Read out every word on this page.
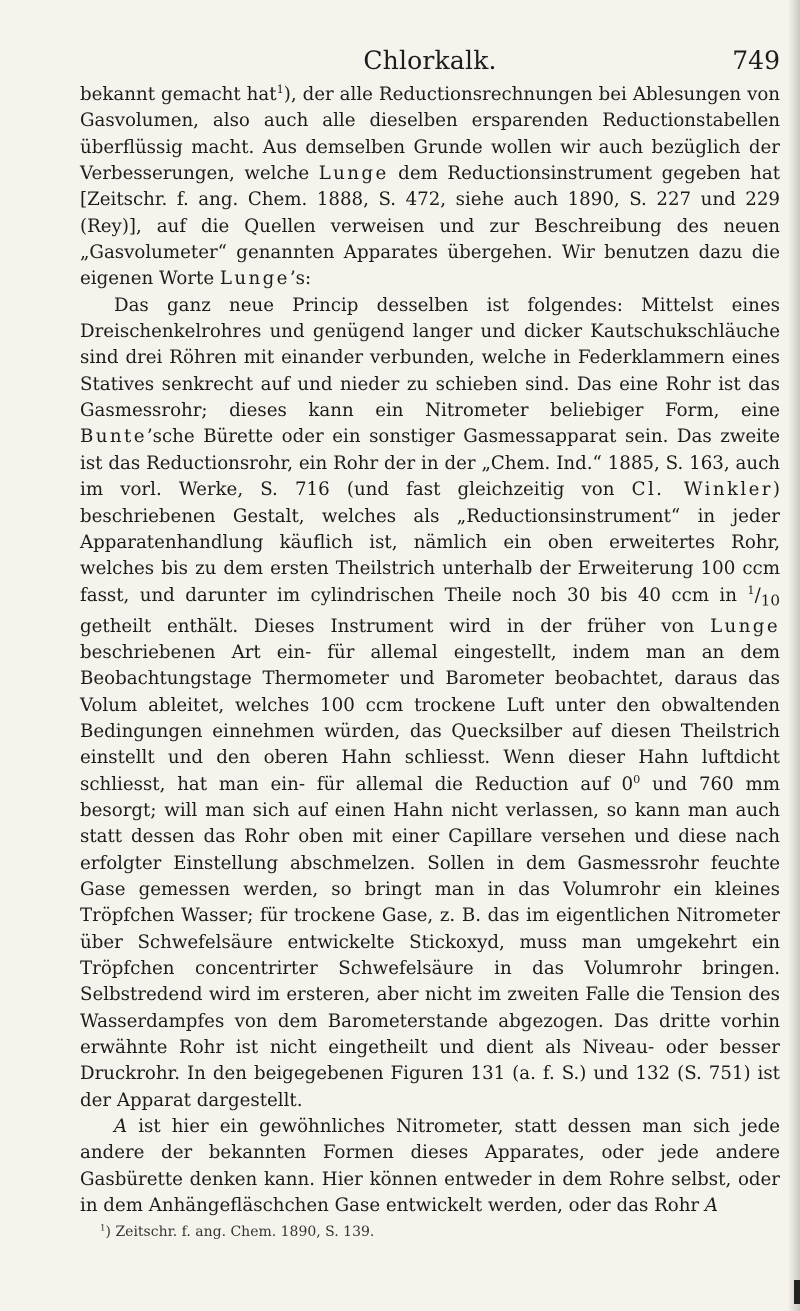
Chlorkalk.	749

bekannt gemacht hat$^1$), der alle Reductionsrechnungen bei Ablesungen von Gasvolumen, also auch alle dieselben ersparenden Reductionstabellen überflüssig macht. Aus demselben Grunde wollen wir auch bezüglich der Verbesserungen, welche Lunge dem Reductionsinstrument gegeben hat [Zeitschr. f. ang. Chem. 1888, S. 472, siehe auch 1890, S. 227 und 229 (Rey)], auf die Quellen verweisen und zur Beschreibung des neuen „Gasvolumeter“ genannten Apparates übergehen. Wir benutzen dazu die eigenen Worte Lunge’s:

Das ganz neue Princip desselben ist folgendes: Mittelst eines Dreischenkelrohres und genügend langer und dicker Kautschukschläuche sind drei Röhren mit einander verbunden, welche in Federklammern eines Statives senkrecht auf und nieder zu schieben sind. Das eine Rohr ist das Gasmessrohr; dieses kann ein Nitrometer beliebiger Form, eine Bunte’sche Bürette oder ein sonstiger Gasmessapparat sein. Das zweite ist das Reductionsrohr, ein Rohr der in der „Chem. Ind.“ 1885, S. 163, auch im vorl. Werke, S. 716 (und fast gleichzeitig von Cl. Winkler) beschriebenen Gestalt, welches als „Reductionsinstrument“ in jeder Apparatenhandlung käuflich ist, nämlich ein oben erweitertes Rohr, welches bis zu dem ersten Theilstrich unterhalb der Erweiterung 100 ccm fasst, und darunter im cylindrischen Theile noch 30 bis 40 ccm in $^1/_{10}$ getheilt enthält. Dieses Instrument wird in der früher von Lunge beschriebenen Art ein- für allemal eingestellt, indem man an dem Beobachtungstage Thermometer und Barometer beobachtet, daraus das Volum ableitet, welches 100 ccm trockene Luft unter den obwaltenden Bedingungen einnehmen würden, das Quecksilber auf diesen Theilstrich einstellt und den oberen Hahn schliesst. Wenn dieser Hahn luftdicht schliesst, hat man ein- für allemal die Reduction auf $0^0$ und 760 mm besorgt; will man sich auf einen Hahn nicht verlassen, so kann man auch statt dessen das Rohr oben mit einer Capillare versehen und diese nach erfolgter Einstellung abschmelzen. Sollen in dem Gasmessrohr feuchte Gase gemessen werden, so bringt man in das Volumrohr ein kleines Tröpfchen Wasser; für trockene Gase, z. B. das im eigentlichen Nitrometer über Schwefelsäure entwickelte Stickoxyd, muss man umgekehrt ein Tröpfchen concentrirter Schwefelsäure in das Volumrohr bringen. Selbstredend wird im ersteren, aber nicht im zweiten Falle die Tension des Wasserdampfes von dem Barometerstande abgezogen. Das dritte vorhin erwähnte Rohr ist nicht eingetheilt und dient als Niveau- oder besser Druckrohr. In den beigegebenen Figuren 131 (a. f. S.) und 132 (S. 751) ist der Apparat dargestellt.

A ist hier ein gewöhnliches Nitrometer, statt dessen man sich jede andere der bekannten Formen dieses Apparates, oder jede andere Gasbürette denken kann. Hier können entweder in dem Rohre selbst, oder in dem Anhängefläschchen Gase entwickelt werden, oder das Rohr A

$^1$) Zeitschr. f. ang. Chem. 1890, S. 139.
